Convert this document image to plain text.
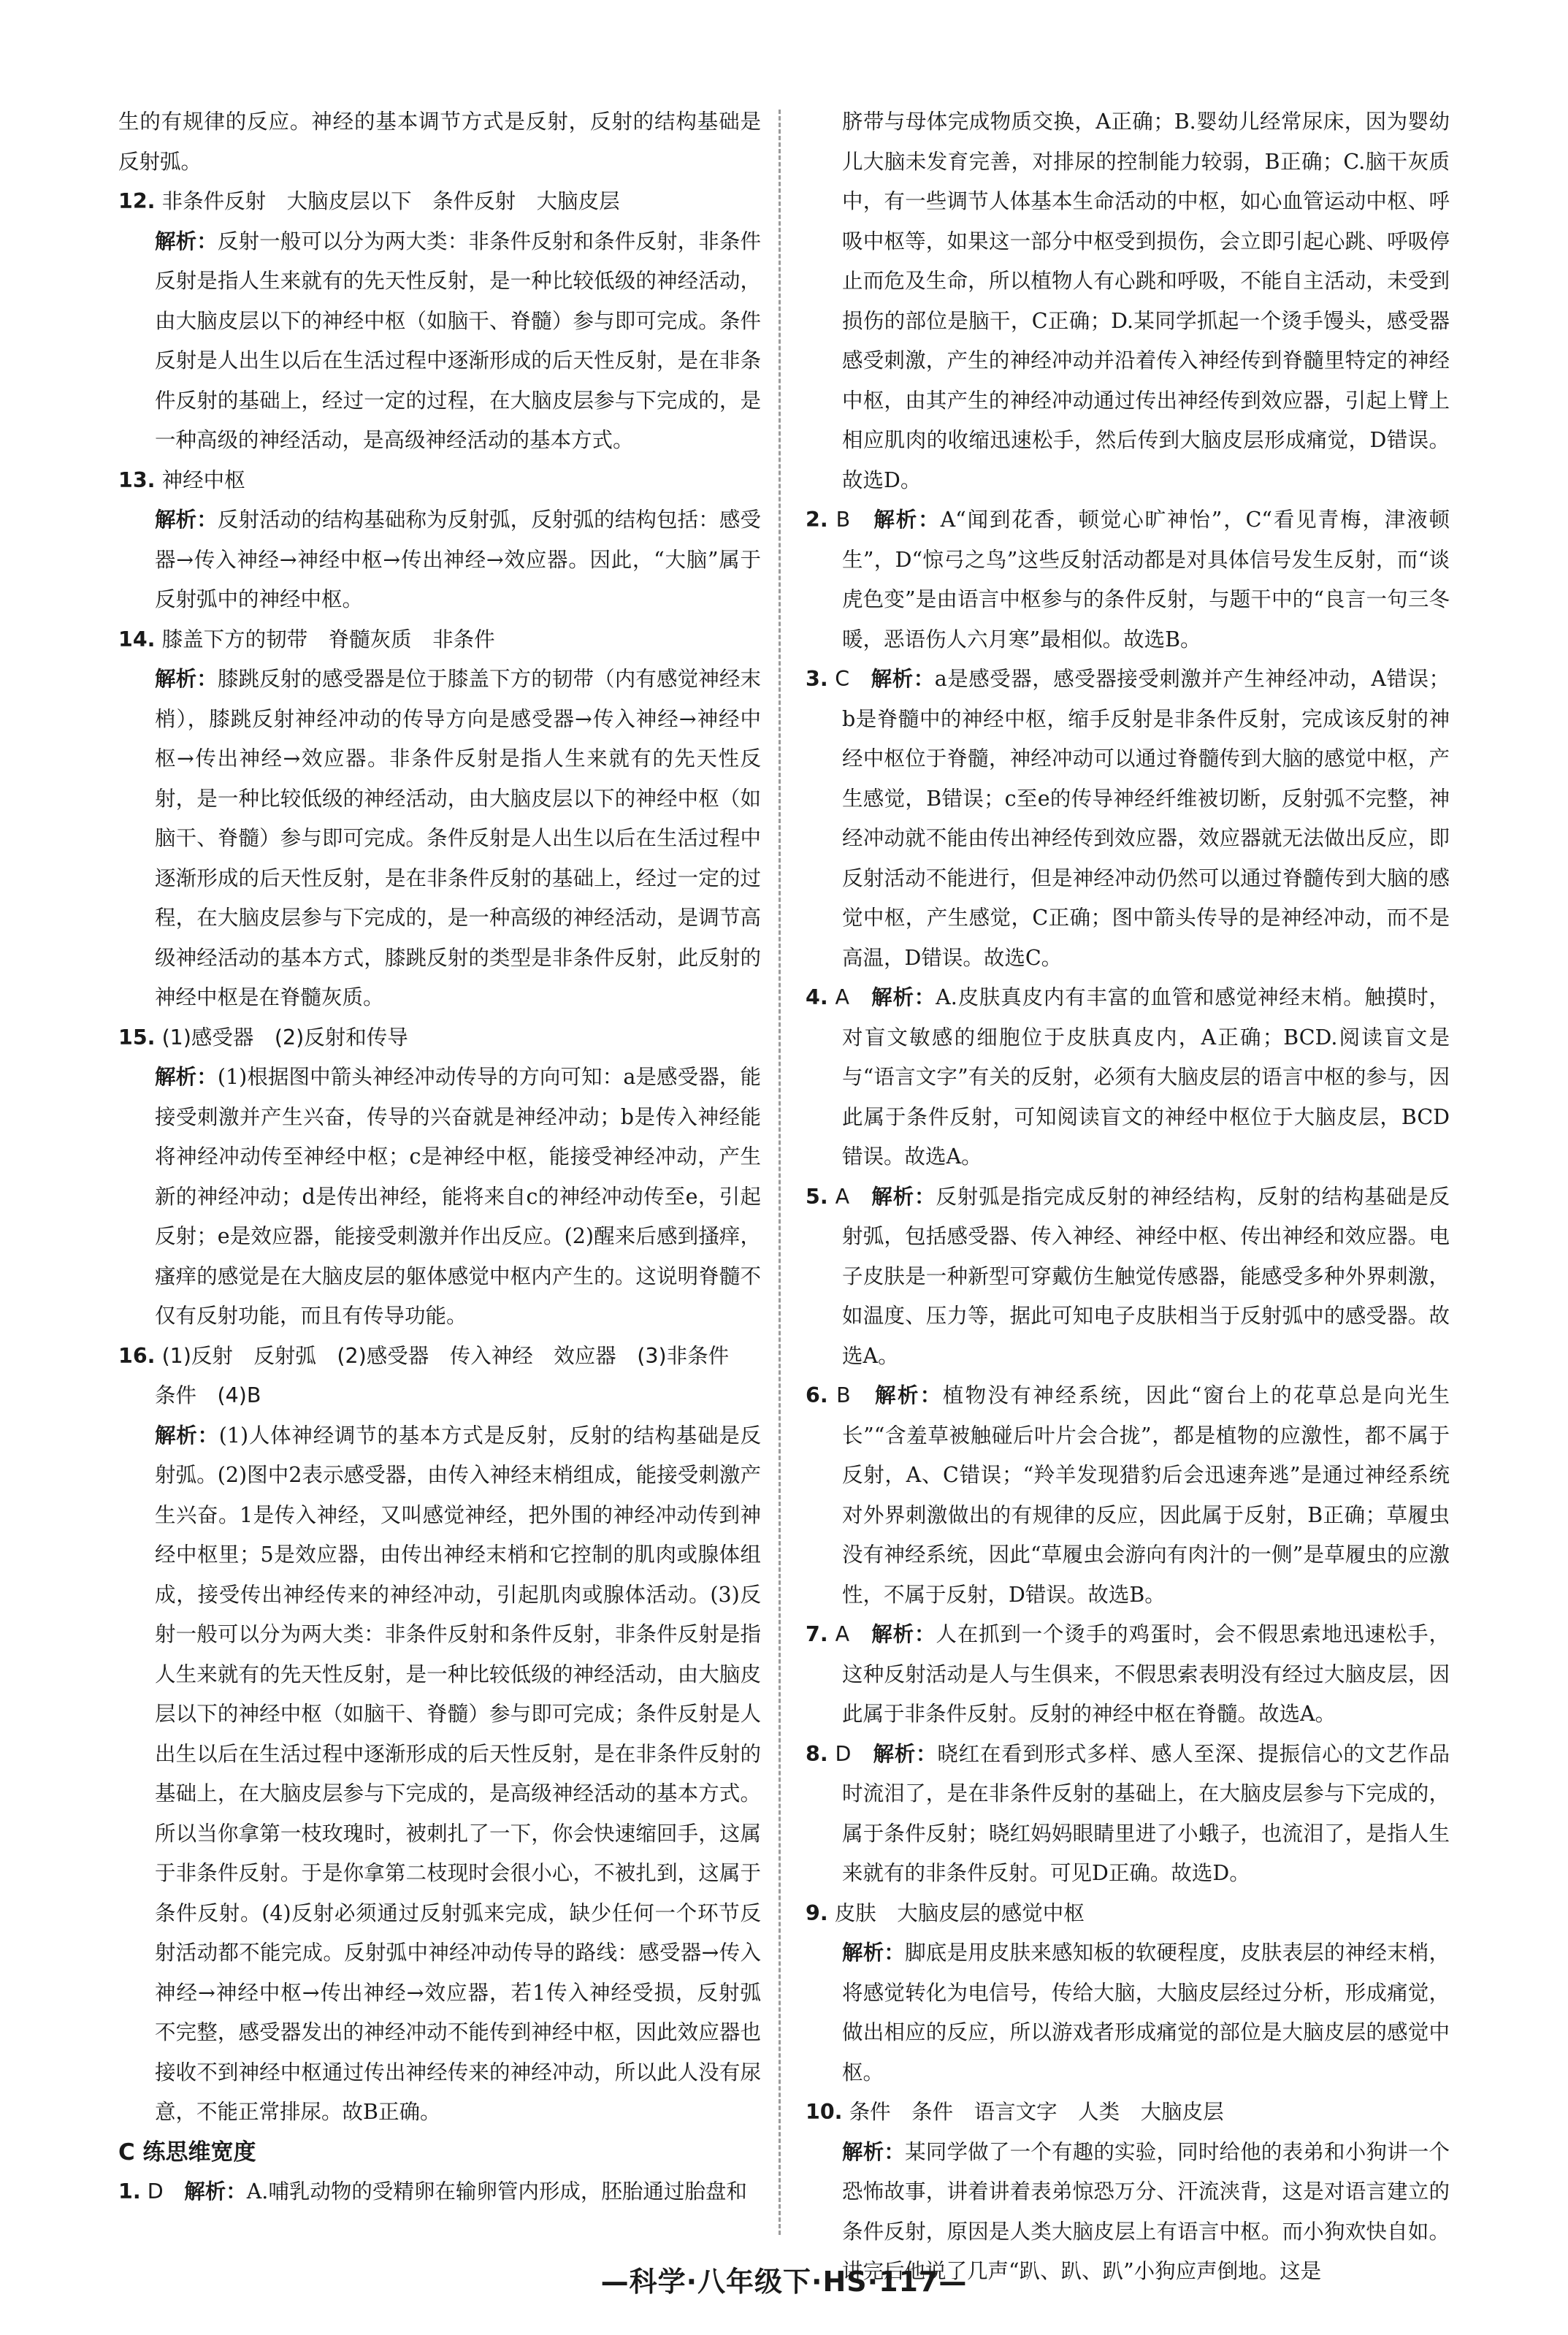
生的有规律的反应。神经的基本调节方式是反射，反射的结构基础是反射弧。

12. 非条件反射　大脑皮层以下　条件反射　大脑皮层

解析：反射一般可以分为两大类：非条件反射和条件反射，非条件反射是指人生来就有的先天性反射，是一种比较低级的神经活动，由大脑皮层以下的神经中枢（如脑干、脊髓）参与即可完成。条件反射是人出生以后在生活过程中逐渐形成的后天性反射，是在非条件反射的基础上，经过一定的过程，在大脑皮层参与下完成的，是一种高级的神经活动，是高级神经活动的基本方式。

13. 神经中枢

解析：反射活动的结构基础称为反射弧，反射弧的结构包括：感受器→传入神经→神经中枢→传出神经→效应器。因此，“大脑”属于反射弧中的神经中枢。

14. 膝盖下方的韧带　脊髓灰质　非条件

解析：膝跳反射的感受器是位于膝盖下方的韧带（内有感觉神经末梢），膝跳反射神经冲动的传导方向是感受器→传入神经→神经中枢→传出神经→效应器。非条件反射是指人生来就有的先天性反射，是一种比较低级的神经活动，由大脑皮层以下的神经中枢（如脑干、脊髓）参与即可完成。条件反射是人出生以后在生活过程中逐渐形成的后天性反射，是在非条件反射的基础上，经过一定的过程，在大脑皮层参与下完成的，是一种高级的神经活动，是调节高级神经活动的基本方式，膝跳反射的类型是非条件反射，此反射的神经中枢是在脊髓灰质。

15. (1)感受器　(2)反射和传导

解析：(1)根据图中箭头神经冲动传导的方向可知：a是感受器，能接受刺激并产生兴奋，传导的兴奋就是神经冲动；b是传入神经能将神经冲动传至神经中枢；c是神经中枢，能接受神经冲动，产生新的神经冲动；d是传出神经，能将来自c的神经冲动传至e，引起反射；e是效应器，能接受刺激并作出反应。(2)醒来后感到搔痒，瘙痒的感觉是在大脑皮层的躯体感觉中枢内产生的。这说明脊髓不仅有反射功能，而且有传导功能。

16. (1)反射　反射弧　(2)感受器　传入神经　效应器　(3)非条件　条件　(4)B

解析：(1)人体神经调节的基本方式是反射，反射的结构基础是反射弧。(2)图中2表示感受器，由传入神经末梢组成，能接受刺激产生兴奋。1是传入神经，又叫感觉神经，把外围的神经冲动传到神经中枢里；5是效应器，由传出神经末梢和它控制的肌肉或腺体组成，接受传出神经传来的神经冲动，引起肌肉或腺体活动。(3)反射一般可以分为两大类：非条件反射和条件反射，非条件反射是指人生来就有的先天性反射，是一种比较低级的神经活动，由大脑皮层以下的神经中枢（如脑干、脊髓）参与即可完成；条件反射是人出生以后在生活过程中逐渐形成的后天性反射，是在非条件反射的基础上，在大脑皮层参与下完成的，是高级神经活动的基本方式。所以当你拿第一枝玫瑰时，被刺扎了一下，你会快速缩回手，这属于非条件反射。于是你拿第二枝现时会很小心，不被扎到，这属于条件反射。(4)反射必须通过反射弧来完成，缺少任何一个环节反射活动都不能完成。反射弧中神经冲动传导的路线：感受器→传入神经→神经中枢→传出神经→效应器，若1传入神经受损，反射弧不完整，感受器发出的神经冲动不能传到神经中枢，因此效应器也接收不到神经中枢通过传出神经传来的神经冲动，所以此人没有尿意，不能正常排尿。故B正确。

C 练思维宽度

1. D　解析：A.哺乳动物的受精卵在输卵管内形成，胚胎通过胎盘和

脐带与母体完成物质交换，A正确；B.婴幼儿经常尿床，因为婴幼儿大脑未发育完善，对排尿的控制能力较弱，B正确；C.脑干灰质中，有一些调节人体基本生命活动的中枢，如心血管运动中枢、呼吸中枢等，如果这一部分中枢受到损伤，会立即引起心跳、呼吸停止而危及生命，所以植物人有心跳和呼吸，不能自主活动，未受到损伤的部位是脑干，C正确；D.某同学抓起一个烫手馒头，感受器感受刺激，产生的神经冲动并沿着传入神经传到脊髓里特定的神经中枢，由其产生的神经冲动通过传出神经传到效应器，引起上臂上相应肌肉的收缩迅速松手，然后传到大脑皮层形成痛觉，D错误。故选D。

2. B　解析：A“闻到花香，顿觉心旷神怡”，C“看见青梅，津液顿生”，D“惊弓之鸟”这些反射活动都是对具体信号发生反射，而“谈虎色变”是由语言中枢参与的条件反射，与题干中的“良言一句三冬暖，恶语伤人六月寒”最相似。故选B。

3. C　解析：a是感受器，感受器接受刺激并产生神经冲动，A错误；b是脊髓中的神经中枢，缩手反射是非条件反射，完成该反射的神经中枢位于脊髓，神经冲动可以通过脊髓传到大脑的感觉中枢，产生感觉，B错误；c至e的传导神经纤维被切断，反射弧不完整，神经冲动就不能由传出神经传到效应器，效应器就无法做出反应，即反射活动不能进行，但是神经冲动仍然可以通过脊髓传到大脑的感觉中枢，产生感觉，C正确；图中箭头传导的是神经冲动，而不是高温，D错误。故选C。

4. A　解析：A.皮肤真皮内有丰富的血管和感觉神经末梢。触摸时，对盲文敏感的细胞位于皮肤真皮内，A正确；BCD.阅读盲文是与“语言文字”有关的反射，必须有大脑皮层的语言中枢的参与，因此属于条件反射，可知阅读盲文的神经中枢位于大脑皮层，BCD错误。故选A。

5. A　解析：反射弧是指完成反射的神经结构，反射的结构基础是反射弧，包括感受器、传入神经、神经中枢、传出神经和效应器。电子皮肤是一种新型可穿戴仿生触觉传感器，能感受多种外界刺激，如温度、压力等，据此可知电子皮肤相当于反射弧中的感受器。故选A。

6. B　解析：植物没有神经系统，因此“窗台上的花草总是向光生长”“含羞草被触碰后叶片会合拢”，都是植物的应激性，都不属于反射，A、C错误；“羚羊发现猎豹后会迅速奔逃”是通过神经系统对外界刺激做出的有规律的反应，因此属于反射，B正确；草履虫没有神经系统，因此“草履虫会游向有肉汁的一侧”是草履虫的应激性，不属于反射，D错误。故选B。

7. A　解析：人在抓到一个烫手的鸡蛋时，会不假思索地迅速松手，这种反射活动是人与生俱来，不假思索表明没有经过大脑皮层，因此属于非条件反射。反射的神经中枢在脊髓。故选A。

8. D　解析：晓红在看到形式多样、感人至深、提振信心的文艺作品时流泪了，是在非条件反射的基础上，在大脑皮层参与下完成的，属于条件反射；晓红妈妈眼睛里进了小蛾子，也流泪了，是指人生来就有的非条件反射。可见D正确。故选D。

9. 皮肤　大脑皮层的感觉中枢

解析：脚底是用皮肤来感知板的软硬程度，皮肤表层的神经末梢，将感觉转化为电信号，传给大脑，大脑皮层经过分析，形成痛觉，做出相应的反应，所以游戏者形成痛觉的部位是大脑皮层的感觉中枢。

10. 条件　条件　语言文字　人类　大脑皮层

解析：某同学做了一个有趣的实验，同时给他的表弟和小狗讲一个恐怖故事，讲着讲着表弟惊恐万分、汗流浃背，这是对语言建立的条件反射，原因是人类大脑皮层上有语言中枢。而小狗欢快自如。讲完后他说了几声“趴、趴、趴”小狗应声倒地。这是

—科学·八年级下·HS·117—
